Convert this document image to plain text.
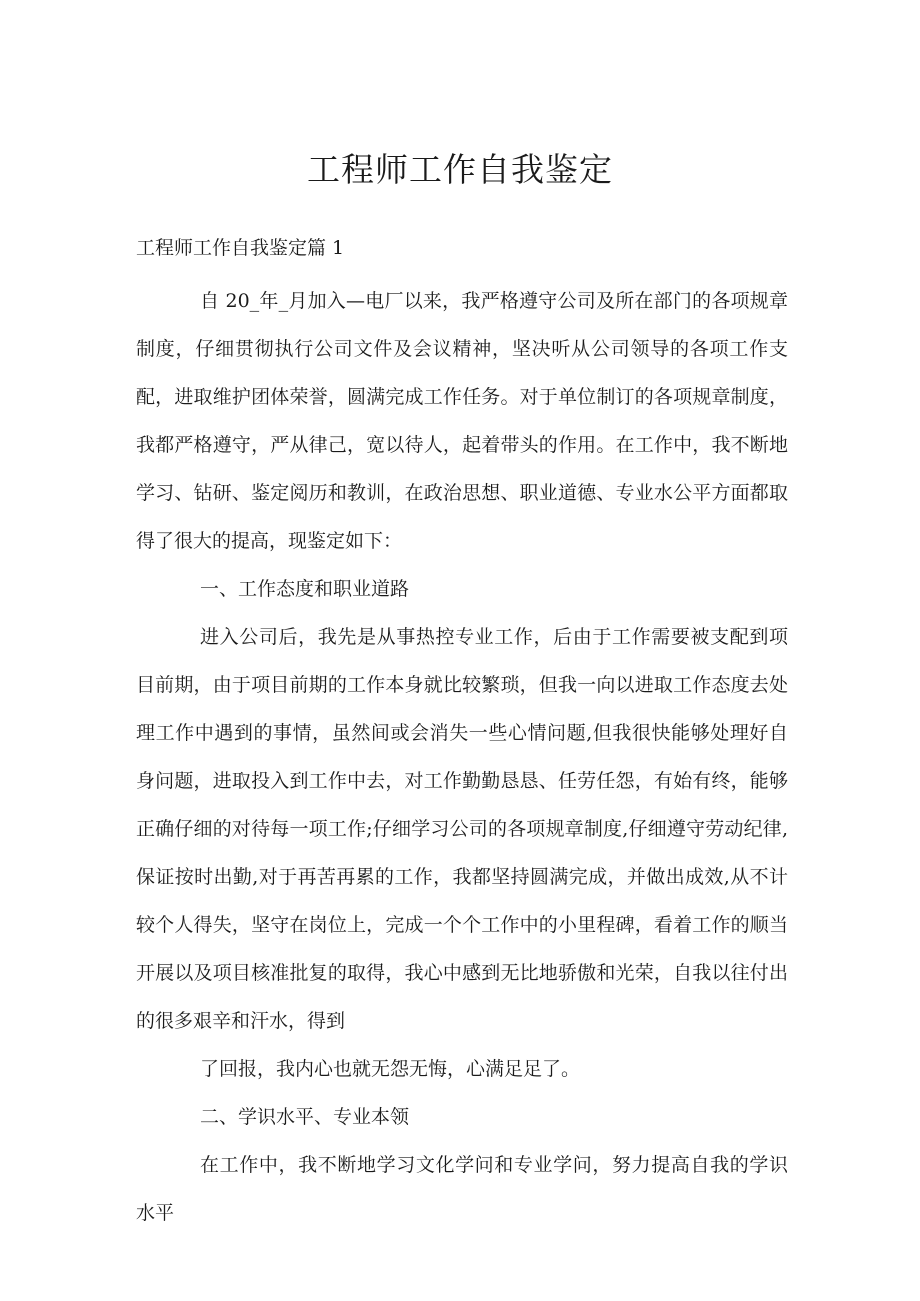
工程师工作自我鉴定

工程师工作自我鉴定篇 1

自 20_年_月加入—电厂以来，我严格遵守公司及所在部门的各项规章制度，仔细贯彻执行公司文件及会议精神，坚决听从公司领导的各项工作支配，进取维护团体荣誉，圆满完成工作任务。对于单位制订的各项规章制度，我都严格遵守，严从律己，宽以待人，起着带头的作用。在工作中，我不断地学习、钻研、鉴定阅历和教训，在政治思想、职业道德、专业水公平方面都取得了很大的提高，现鉴定如下：

一、工作态度和职业道路

进入公司后，我先是从事热控专业工作，后由于工作需要被支配到项目前期，由于项目前期的工作本身就比较繁琐，但我一向以进取工作态度去处理工作中遇到的事情，虽然间或会消失一些心情问题,但我很快能够处理好自身问题，进取投入到工作中去，对工作勤勤恳恳、任劳任怨，有始有终，能够正确仔细的对待每一项工作;仔细学习公司的各项规章制度,仔细遵守劳动纪律,保证按时出勤,对于再苦再累的工作，我都坚持圆满完成，并做出成效,从不计较个人得失，坚守在岗位上，完成一个个工作中的小里程碑，看着工作的顺当开展以及项目核准批复的取得，我心中感到无比地骄傲和光荣，自我以往付出的很多艰辛和汗水，得到

了回报，我内心也就无怨无悔，心满足足了。

二、学识水平、专业本领

在工作中，我不断地学习文化学问和专业学问，努力提高自我的学识水平
